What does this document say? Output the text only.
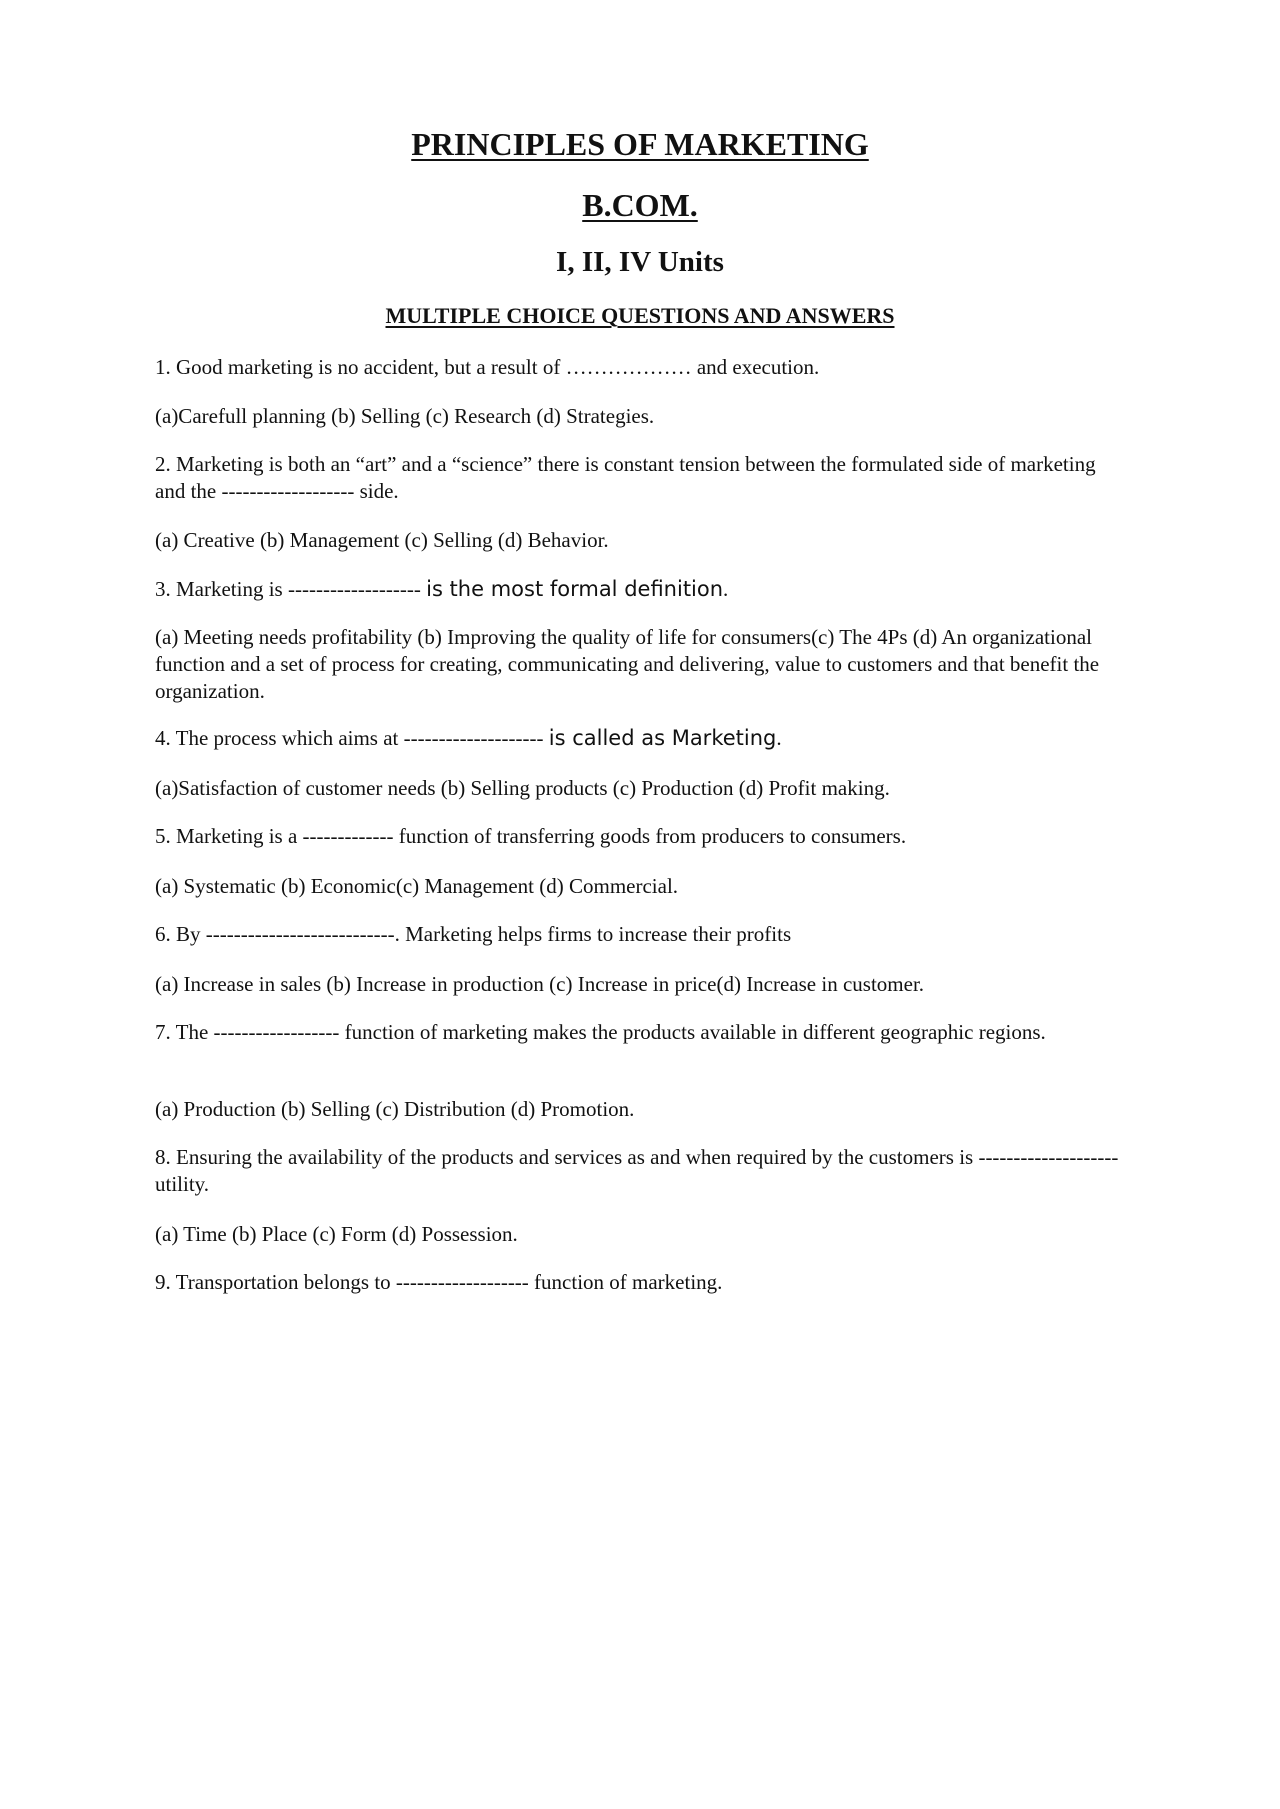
PRINCIPLES OF MARKETING
B.COM.
I, II, IV Units
MULTIPLE CHOICE QUESTIONS AND ANSWERS

1. Good marketing is no accident, but a result of ……………… and execution.

(a)Carefull planning (b) Selling (c) Research (d) Strategies.

2. Marketing is both an “art” and a “science” there is constant tension between the formulated side of marketing and the ------------------- side.

(a) Creative (b) Management (c) Selling (d) Behavior.

3. Marketing is ------------------- is the most formal definition.

(a) Meeting needs profitability (b) Improving the quality of life for consumers(c) The 4Ps (d) An organizational function and a set of process for creating, communicating and delivering, value to customers and that benefit the organization.

4. The process which aims at -------------------- is called as Marketing.

(a)Satisfaction of customer needs (b) Selling products (c) Production (d) Profit making.

5. Marketing is a ------------- function of transferring goods from producers to consumers.

(a) Systematic (b) Economic(c) Management (d) Commercial.

6. By ---------------------------. Marketing helps firms to increase their profits

(a) Increase in sales (b) Increase in production (c) Increase in price(d) Increase in customer.

7. The ------------------ function of marketing makes the products available in different geographic regions.

(a) Production (b) Selling (c) Distribution (d) Promotion.

8. Ensuring the availability of the products and services as and when required by the customers is -------------------- utility.

(a) Time (b) Place (c) Form (d) Possession.

9. Transportation belongs to ------------------- function of marketing.
